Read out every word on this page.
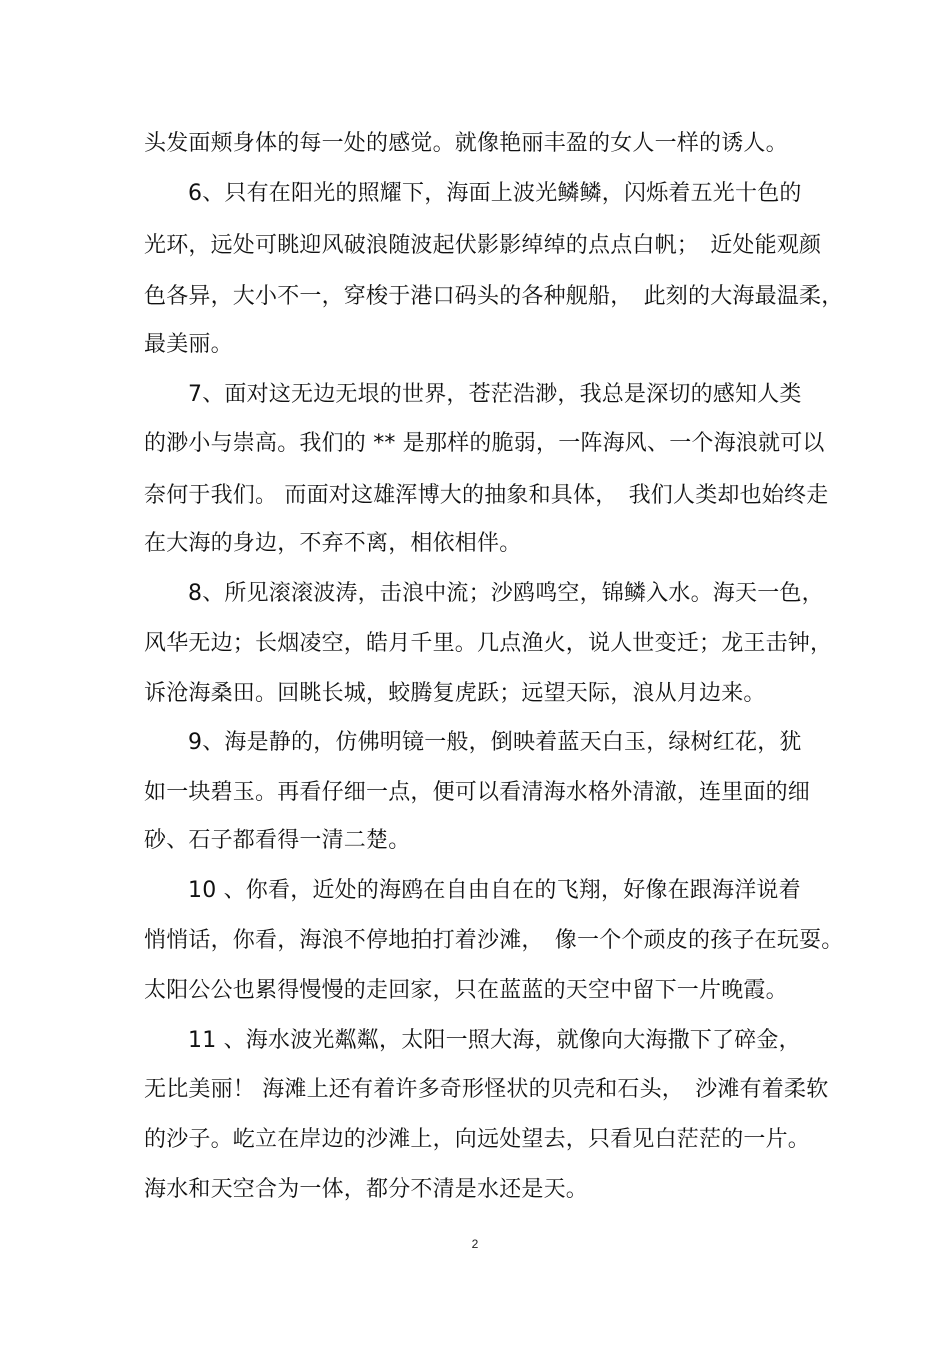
头发面颊身体的每一处的感觉。就像艳丽丰盈的女人一样的诱人。
6、只有在阳光的照耀下，海面上波光鳞鳞，闪烁着五光十色的
光环，远处可眺迎风破浪随波起伏影影绰绰的点点白帆；　近处能观颜
色各异，大小不一，穿梭于港口码头的各种舰船，　此刻的大海最温柔，
最美丽。
7、面对这无边无垠的世界，苍茫浩渺，我总是深切的感知人类
的渺小与崇高。我们的 ** 是那样的脆弱，一阵海风、一个海浪就可以
奈何于我们。 而面对这雄浑博大的抽象和具体，　我们人类却也始终走
在大海的身边，不弃不离，相依相伴。
8、所见滚滚波涛，击浪中流；沙鸥鸣空，锦鳞入水。海天一色，
风华无边；长烟凌空，皓月千里。几点渔火，说人世变迁；龙王击钟，
诉沧海桑田。回眺长城，蛟腾复虎跃；远望天际，浪从月边来。
9、海是静的，仿佛明镜一般，倒映着蓝天白玉，绿树红花，犹
如一块碧玉。再看仔细一点，便可以看清海水格外清澈，连里面的细
砂、石子都看得一清二楚。
10 、你看，近处的海鸥在自由自在的飞翔，好像在跟海洋说着
悄悄话，你看，海浪不停地拍打着沙滩，　像一个个顽皮的孩子在玩耍。
太阳公公也累得慢慢的走回家，只在蓝蓝的天空中留下一片晚霞。
11 、海水波光粼粼，太阳一照大海，就像向大海撒下了碎金，
无比美丽！ 海滩上还有着许多奇形怪状的贝壳和石头，　沙滩有着柔软
的沙子。屹立在岸边的沙滩上，向远处望去，只看见白茫茫的一片。
海水和天空合为一体，都分不清是水还是天。
2
